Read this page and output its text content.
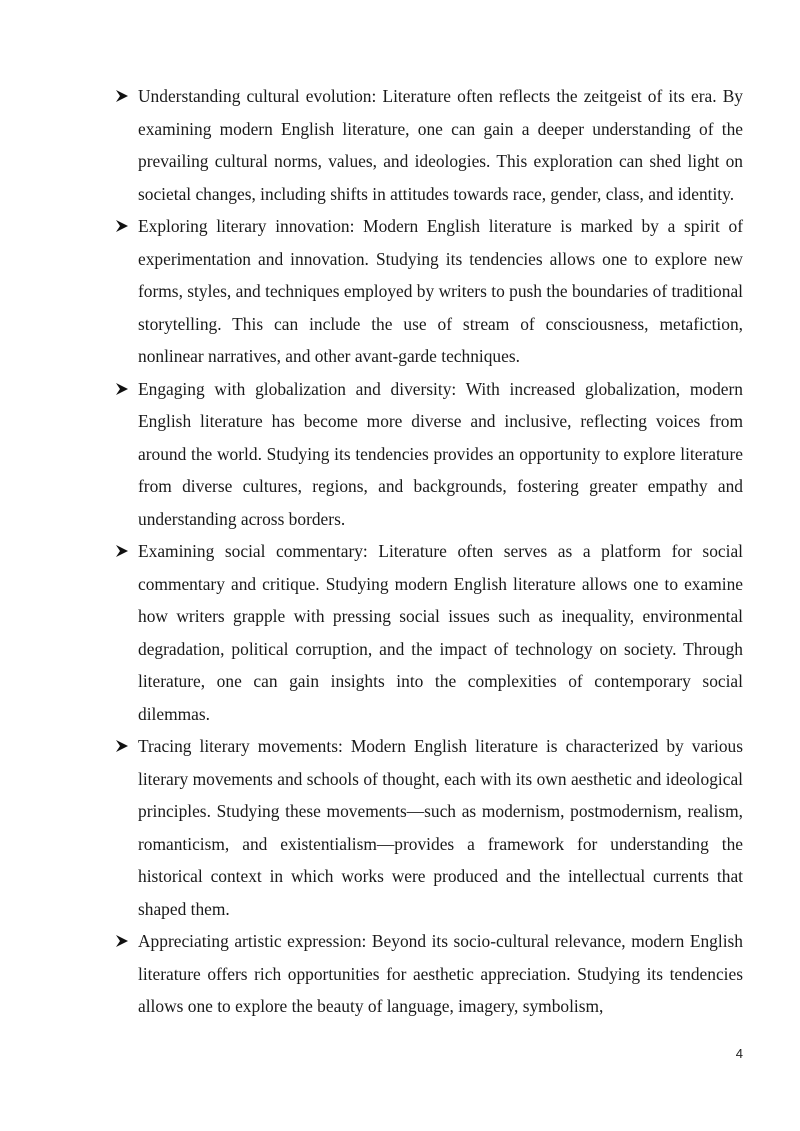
Understanding cultural evolution: Literature often reflects the zeitgeist of its era. By examining modern English literature, one can gain a deeper understanding of the prevailing cultural norms, values, and ideologies. This exploration can shed light on societal changes, including shifts in attitudes towards race, gender, class, and identity.
Exploring literary innovation: Modern English literature is marked by a spirit of experimentation and innovation. Studying its tendencies allows one to explore new forms, styles, and techniques employed by writers to push the boundaries of traditional storytelling. This can include the use of stream of consciousness, metafiction, nonlinear narratives, and other avant-garde techniques.
Engaging with globalization and diversity: With increased globalization, modern English literature has become more diverse and inclusive, reflecting voices from around the world. Studying its tendencies provides an opportunity to explore literature from diverse cultures, regions, and backgrounds, fostering greater empathy and understanding across borders.
Examining social commentary: Literature often serves as a platform for social commentary and critique. Studying modern English literature allows one to examine how writers grapple with pressing social issues such as inequality, environmental degradation, political corruption, and the impact of technology on society. Through literature, one can gain insights into the complexities of contemporary social dilemmas.
Tracing literary movements: Modern English literature is characterized by various literary movements and schools of thought, each with its own aesthetic and ideological principles. Studying these movements—such as modernism, postmodernism, realism, romanticism, and existentialism—provides a framework for understanding the historical context in which works were produced and the intellectual currents that shaped them.
Appreciating artistic expression: Beyond its socio-cultural relevance, modern English literature offers rich opportunities for aesthetic appreciation. Studying its tendencies allows one to explore the beauty of language, imagery, symbolism,
4
